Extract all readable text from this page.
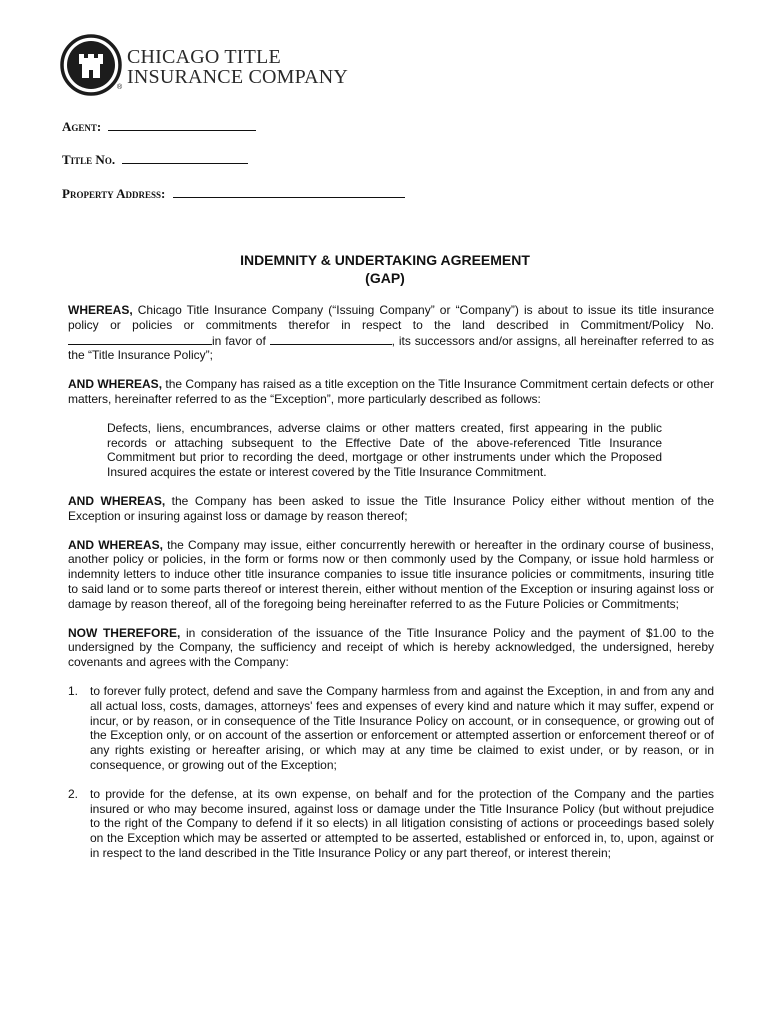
CHICAGO TITLE
INSURANCE COMPANY
®
Agent:
Title No.
Property Address:
INDEMNITY & UNDERTAKING AGREEMENT
(GAP)
WHEREAS, Chicago Title Insurance Company (“Issuing Company” or “Company”) is about to issue its title insurance policy or policies or commitments therefor in respect to the land described in Commitment/Policy No. in favor of	, its successors and/or assigns, all hereinafter referred to as the “Title Insurance Policy”;
AND WHEREAS, the Company has raised as a title exception on the Title Insurance Commitment certain defects or other matters, hereinafter referred to as the “Exception”, more particularly described as follows:
Defects, liens, encumbrances, adverse claims or other matters created, first appearing in the public records or attaching subsequent to the Effective Date of the above-referenced Title Insurance Commitment but prior to recording the deed, mortgage or other instruments under which the Proposed Insured acquires the estate or interest covered by the Title Insurance Commitment.
AND WHEREAS, the Company has been asked to issue the Title Insurance Policy either without mention of the Exception or insuring against loss or damage by reason thereof;
AND WHEREAS, the Company may issue, either concurrently herewith or hereafter in the ordinary course of business, another policy or policies, in the form or forms now or then commonly used by the Company, or issue hold harmless or indemnity letters to induce other title insurance companies to issue title insurance policies or commitments, insuring title to said land or to some parts thereof or interest therein, either without mention of the Exception or insuring against loss or damage by reason thereof, all of the foregoing being hereinafter referred to as the Future Policies or Commitments;
NOW THEREFORE, in consideration of the issuance of the Title Insurance Policy and the payment of $1.00 to the undersigned by the Company, the sufficiency and receipt of which is hereby acknowledged, the undersigned, hereby covenants and agrees with the Company:
1. to forever fully protect, defend and save the Company harmless from and against the Exception, in and from any and all actual loss, costs, damages, attorneys' fees and expenses of every kind and nature which it may suffer, expend or incur, or by reason, or in consequence of the Title Insurance Policy on account, or in consequence, or growing out of the Exception only, or on account of the assertion or enforcement or attempted assertion or enforcement thereof or of any rights existing or hereafter arising, or which may at any time be claimed to exist under, or by reason, or in consequence, or growing out of the Exception;
2. to provide for the defense, at its own expense, on behalf and for the protection of the Company and the parties insured or who may become insured, against loss or damage under the Title Insurance Policy (but without prejudice to the right of the Company to defend if it so elects) in all litigation consisting of actions or proceedings based solely on the Exception which may be asserted or attempted to be asserted, established or enforced in, to, upon, against or in respect to the land described in the Title Insurance Policy or any part thereof, or interest therein;
